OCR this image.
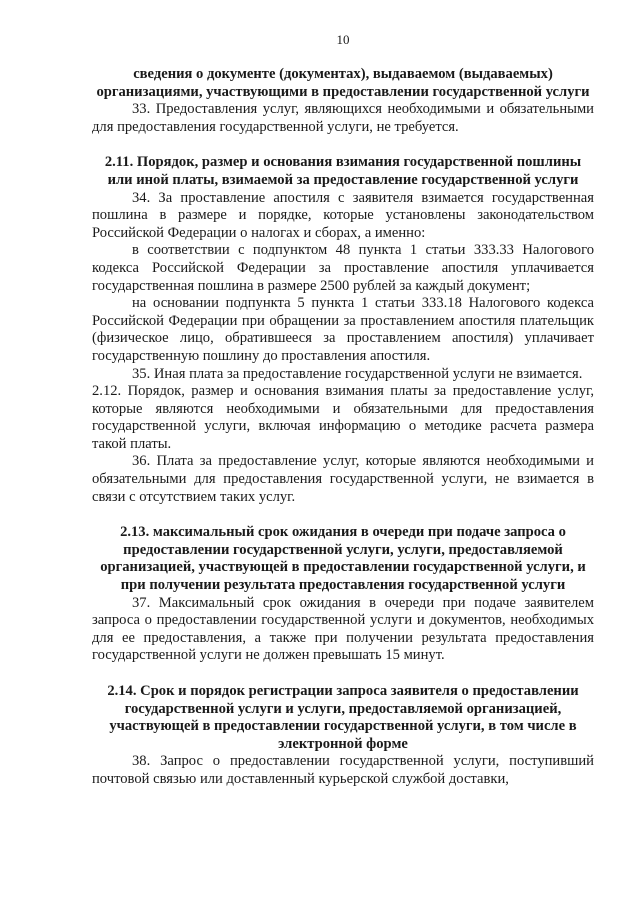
10

сведения о документе (документах), выдаваемом (выдаваемых) организациями, участвующими в предоставлении государственной услуги

33. Предоставления услуг, являющихся необходимыми и обязательными для предоставления государственной услуги, не требуется.

2.11. Порядок, размер и основания взимания государственной пошлины или иной платы, взимаемой за предоставление государственной услуги

34. За проставление апостиля с заявителя взимается государственная пошлина в размере и порядке, которые установлены законодательством Российской Федерации о налогах и сборах, а именно:

в соответствии с подпунктом 48 пункта 1 статьи 333.33 Налогового кодекса Российской Федерации за проставление апостиля уплачивается государственная пошлина в размере 2500 рублей за каждый документ;

на основании подпункта 5 пункта 1 статьи 333.18 Налогового кодекса Российской Федерации при обращении за проставлением апостиля плательщик (физическое лицо, обратившееся за проставлением апостиля) уплачивает государственную пошлину до проставления апостиля.

35. Иная плата за предоставление государственной услуги не взимается.

2.12. Порядок, размер и основания взимания платы за предоставление услуг, которые являются необходимыми и обязательными для предоставления государственной услуги, включая информацию о методике расчета размера такой платы.

36. Плата за предоставление услуг, которые являются необходимыми и обязательными для предоставления государственной услуги, не взимается в связи с отсутствием таких услуг.

2.13. максимальный срок ожидания в очереди при подаче запроса о предоставлении государственной услуги, услуги, предоставляемой организацией, участвующей в предоставлении государственной услуги, и при получении результата предоставления государственной услуги

37. Максимальный срок ожидания в очереди при подаче заявителем запроса о предоставлении государственной услуги и документов, необходимых для ее предоставления, а также при получении результата предоставления государственной услуги не должен превышать 15 минут.

2.14. Срок и порядок регистрации запроса заявителя о предоставлении государственной услуги и услуги, предоставляемой организацией, участвующей в предоставлении государственной услуги, в том числе в электронной форме

38. Запрос о предоставлении государственной услуги, поступивший почтовой связью или доставленный курьерской службой доставки,
